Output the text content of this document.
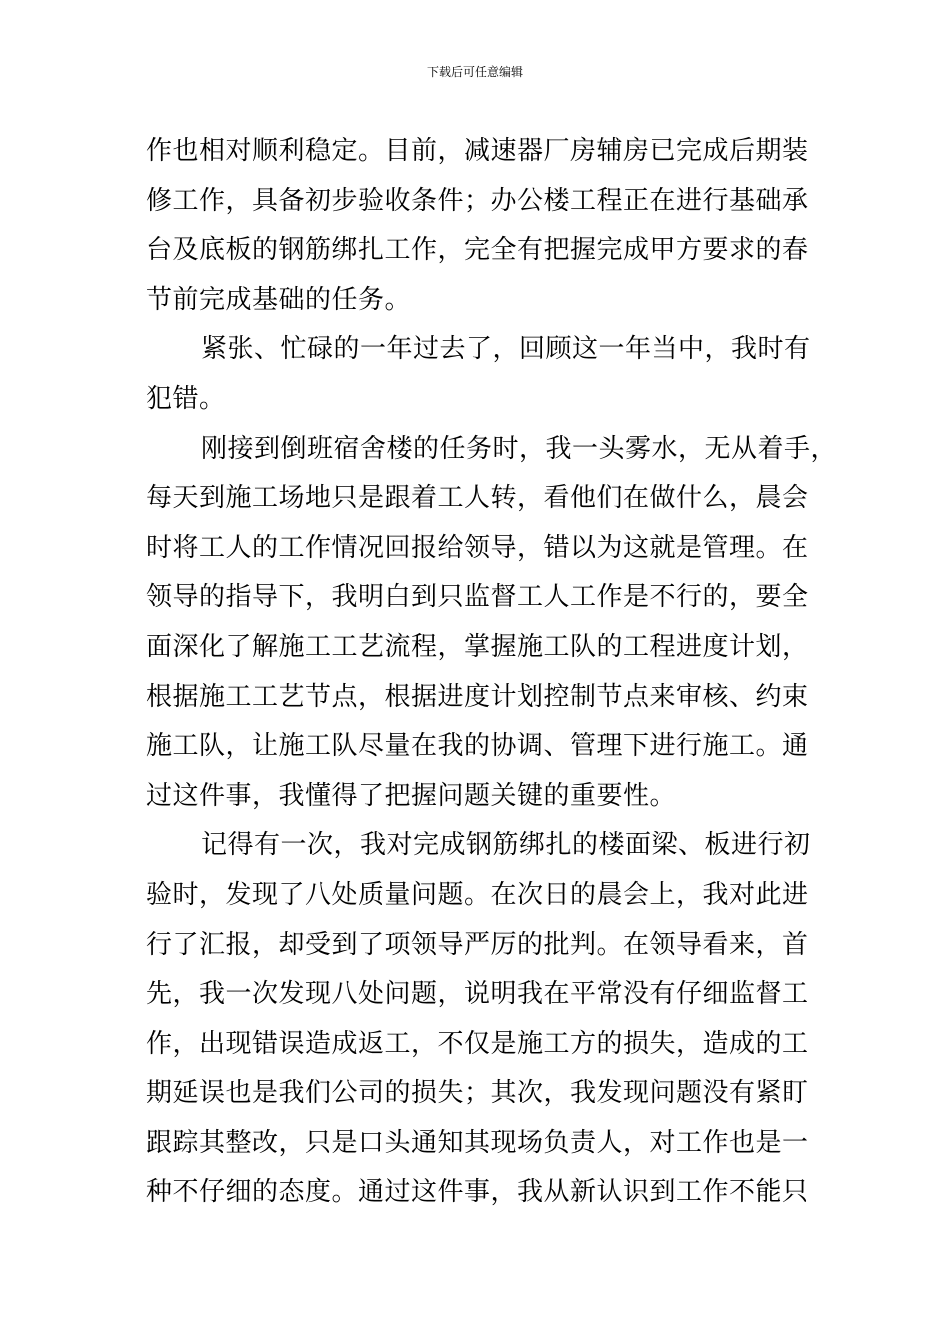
下载后可任意编辑
作也相对顺利稳定。目前，减速器厂房辅房已完成后期装
修工作，具备初步验收条件；办公楼工程正在进行基础承
台及底板的钢筋绑扎工作，完全有把握完成甲方要求的春
节前完成基础的任务。
紧张、忙碌的一年过去了，回顾这一年当中，我时有
犯错。
刚接到倒班宿舍楼的任务时，我一头雾水，无从着手，
每天到施工场地只是跟着工人转，看他们在做什么，晨会
时将工人的工作情况回报给领导，错以为这就是管理。在
领导的指导下，我明白到只监督工人工作是不行的，要全
面深化了解施工工艺流程，掌握施工队的工程进度计划，
根据施工工艺节点，根据进度计划控制节点来审核、约束
施工队，让施工队尽量在我的协调、管理下进行施工。通
过这件事，我懂得了把握问题关键的重要性。
记得有一次，我对完成钢筋绑扎的楼面梁、板进行初
验时，发现了八处质量问题。在次日的晨会上，我对此进
行了汇报，却受到了项领导严厉的批判。在领导看来，首
先，我一次发现八处问题，说明我在平常没有仔细监督工
作，出现错误造成返工，不仅是施工方的损失，造成的工
期延误也是我们公司的损失；其次，我发现问题没有紧盯
跟踪其整改，只是口头通知其现场负责人，对工作也是一
种不仔细的态度。通过这件事，我从新认识到工作不能只
